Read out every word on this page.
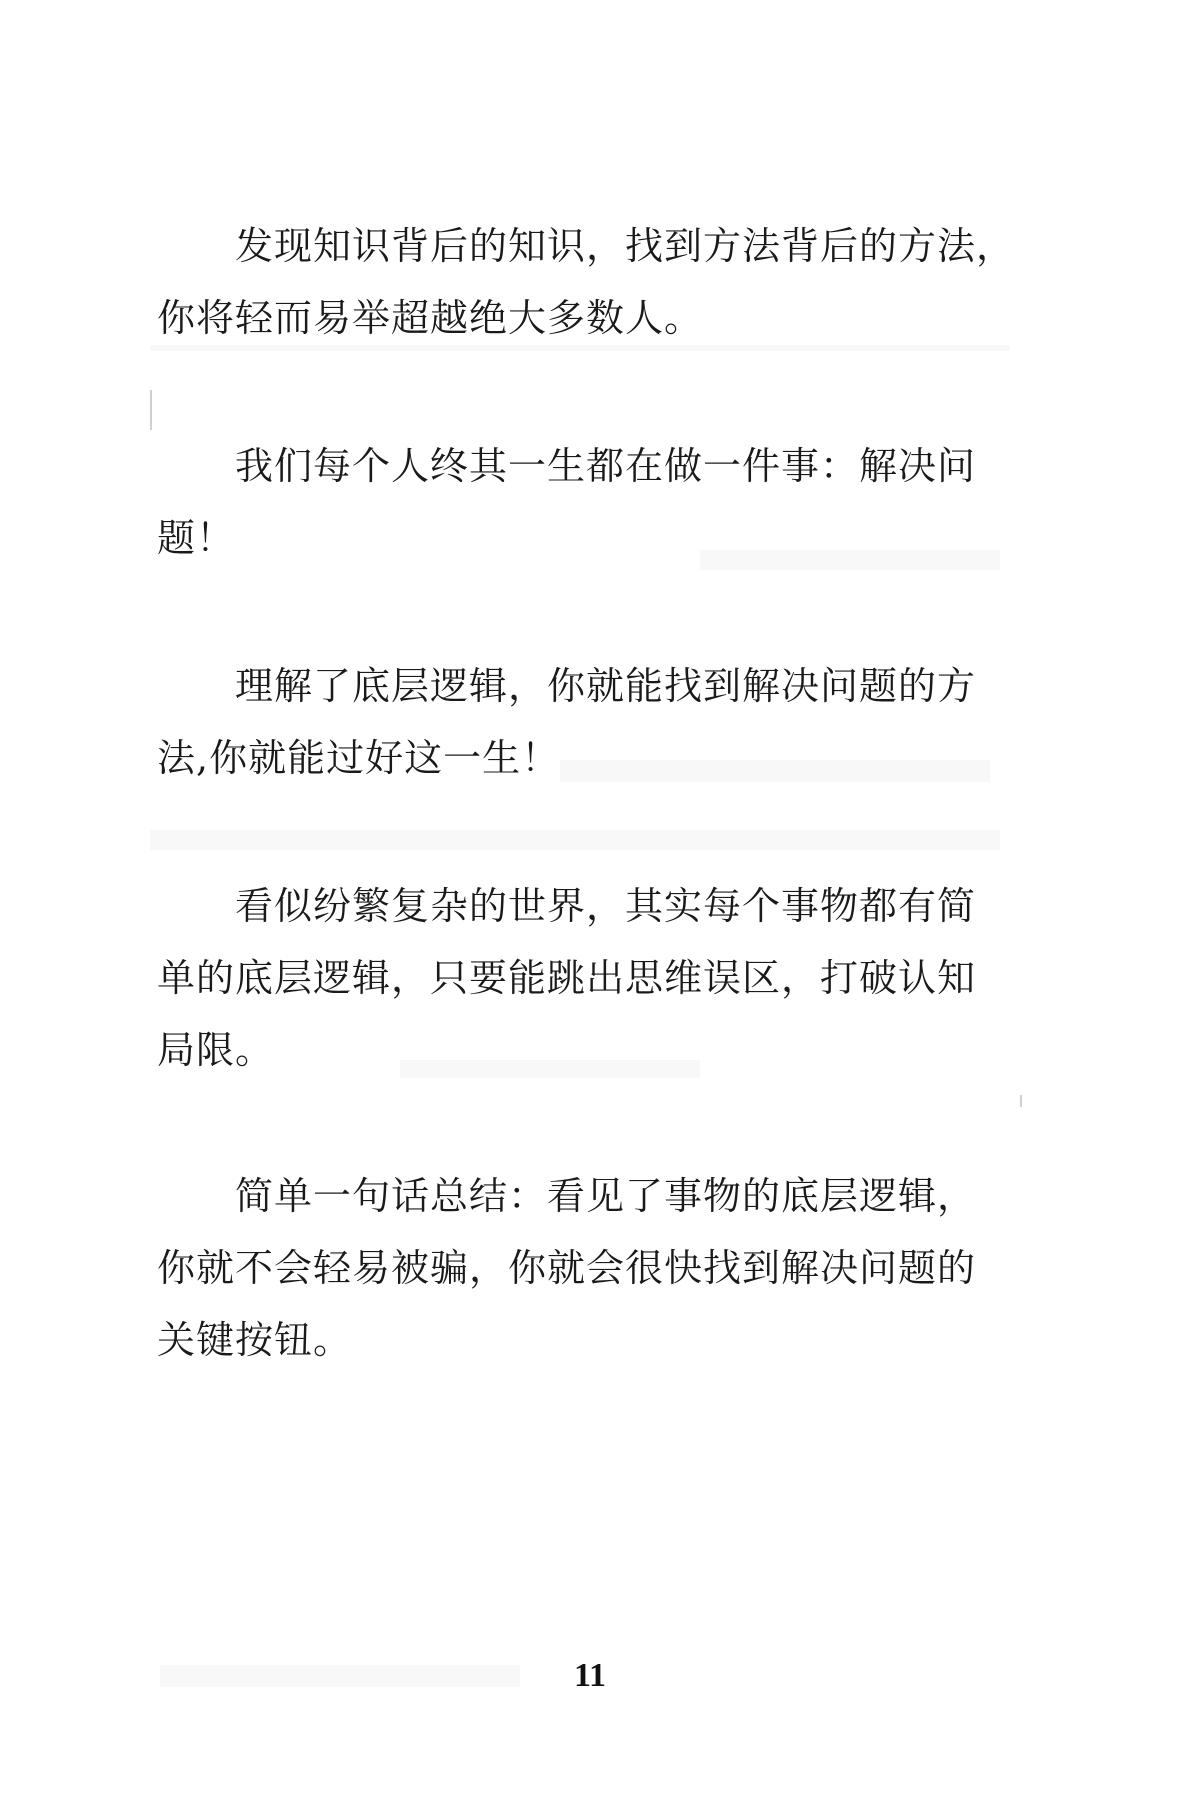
　　发现知识背后的知识，找到方法背后的方法，
你将轻而易举超越绝大多数人。

　　我们每个人终其一生都在做一件事：解决问
题！

　　理解了底层逻辑，你就能找到解决问题的方
法,你就能过好这一生！

　　看似纷繁复杂的世界，其实每个事物都有简
单的底层逻辑，只要能跳出思维误区，打破认知
局限。

　　简单一句话总结：看见了事物的底层逻辑，
你就不会轻易被骗，你就会很快找到解决问题的
关键按钮。

11
